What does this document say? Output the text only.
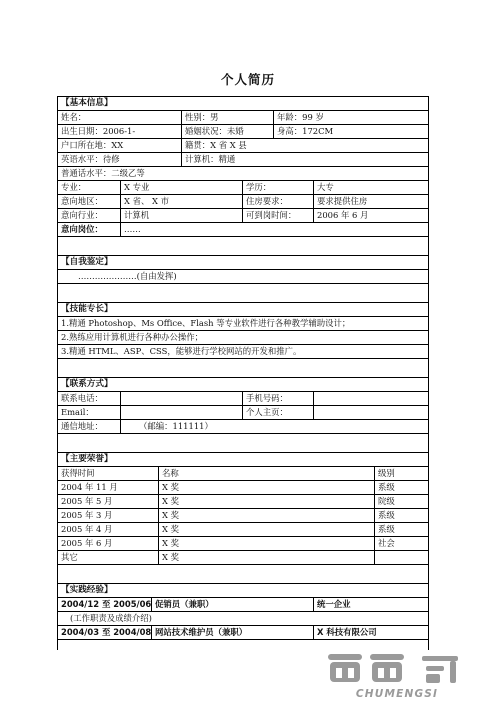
个人简历
【基本信息】
姓名：	性别：男	年龄：99 岁
出生日期：2006-1-	婚姻状况：未婚	身高：172CM
户口所在地：XX	籍贯：X 省 X 县
英语水平：待修	计算机：精通
普通话水平：二级乙等
专业：	X 专业	学历：	大专
意向地区：	X 省、 X 市	住房要求：	要求提供住房
意向行业：	计算机	可到岗时间：	2006 年 6 月
意向岗位：	……
【自我鉴定】
…………………(自由发挥)
【技能专长】
1.精通 Photoshop、Ms Office、Flash 等专业软件进行各种教学辅助设计；
2.熟练应用计算机进行各种办公操作；
3.精通 HTML、ASP、CSS，能够进行学校网站的开发和推广。
【联系方式】
联系电话：	手机号码：
Email：	个人主页：
通信地址：	（邮编：111111）
【主要荣誉】
获得时间	名称	级别
2004 年 11 月	X 奖	系级
2005 年 5 月	X 奖	院级
2005 年 3 月	X 奖	系级
2005 年 4 月	X 奖	系级
2005 年 6 月	X 奖	社会
其它	X 奖
【实践经验】
2004/12 至 2005/06 促销员（兼职）	统一企业
(工作职责及成绩介绍)
2004/03 至 2004/08 网站技术维护员（兼职）	X 科技有限公司
CHUMENGSI
